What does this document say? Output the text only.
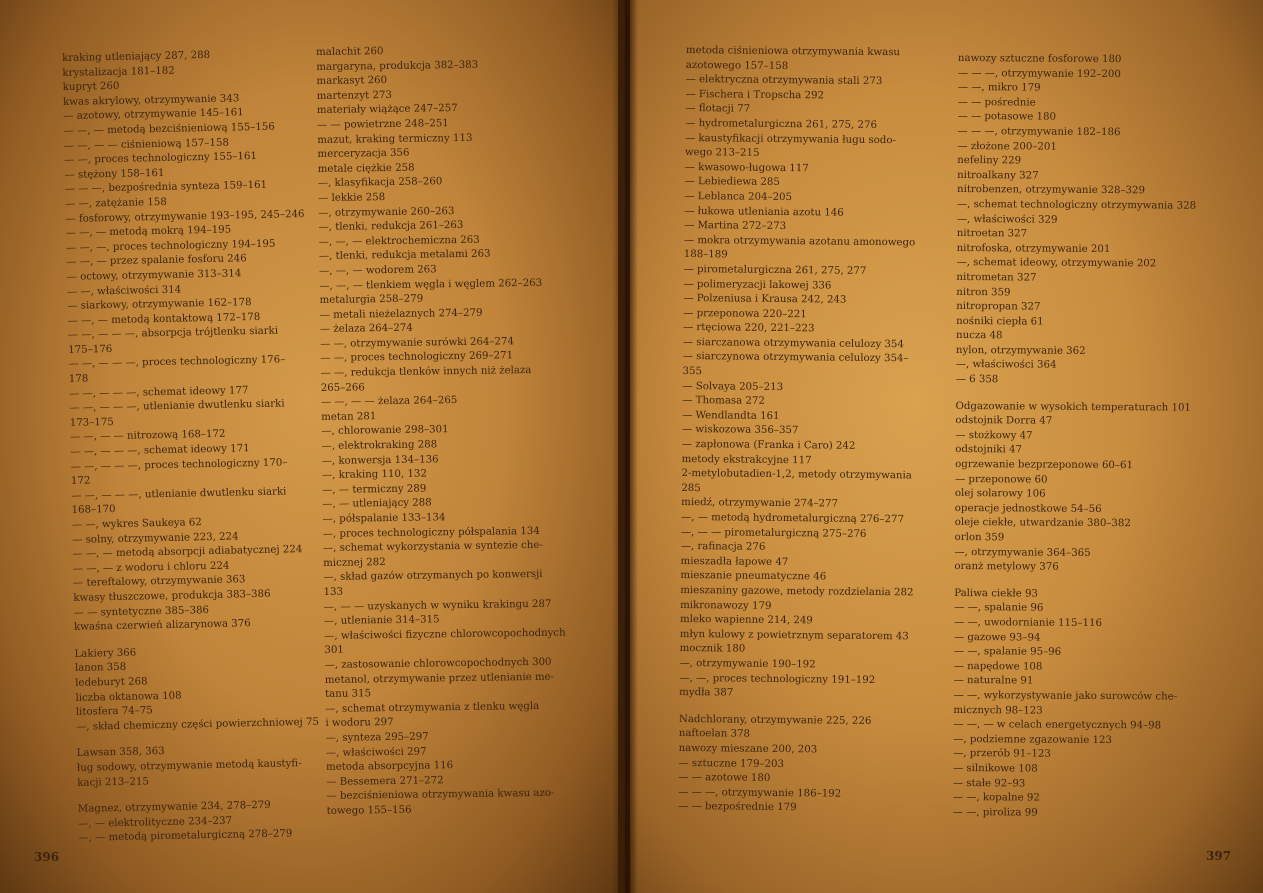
kraking utleniający 287, 288
krystalizacja 181–182
kupryt 260
kwas akrylowy, otrzymywanie 343
— azotowy, otrzymywanie 145–161
— —, — metodą bezciśnieniową 155–156
— —, — — ciśnieniową 157–158
— —, proces technologiczny 155–161
— stężony 158–161
— — —, bezpośrednia synteza 159–161
— —, zatężanie 158
— fosforowy, otrzymywanie 193–195, 245–246
— —, — metodą mokrą 194–195
— —, —, proces technologiczny 194–195
— —, — przez spalanie fosforu 246
— octowy, otrzymywanie 313–314
— —, właściwości 314
— siarkowy, otrzymywanie 162–178
— —, — metodą kontaktową 172–178
— —, — — —, absorpcja trójtlenku siarki
175–176
— —, — — —, proces technologiczny 176–
178
— —, — — —, schemat ideowy 177
— —, — — —, utlenianie dwutlenku siarki
173–175
— —, — — nitrozową 168–172
— —, — — —, schemat ideowy 171
— —, — — —, proces technologiczny 170–
172
— —, — — —, utlenianie dwutlenku siarki
168–170
— —, wykres Saukeya 62
— solny, otrzymywanie 223, 224
— —, — metodą absorpcji adiabatycznej 224
— —, — z wodoru i chloru 224
— tereftalowy, otrzymywanie 363
kwasy tłuszczowe, produkcja 383–386
— — syntetyczne 385–386
kwaśna czerwień alizarynowa 376
Lakiery 366
lanon 358
ledeburyt 268
liczba oktanowa 108
litosfera 74–75
—, skład chemiczny części powierzchniowej 75
Lawsan 358, 363
ług sodowy, otrzymywanie metodą kaustyfi-
kacji 213–215
Magnez, otrzymywanie 234, 278–279
—, — elektrolityczne 234–237
—, — metodą pirometalurgiczną 278–279
malachit 260
margaryna, produkcja 382–383
markasyt 260
martenzyt 273
materiały wiążące 247–257
— — powietrzne 248–251
mazut, kraking termiczny 113
merceryzacja 356
metale ciężkie 258
—, klasyfikacja 258–260
— lekkie 258
—, otrzymywanie 260–263
—, tlenki, redukcja 261–263
—, —, — elektrochemiczna 263
—, tlenki, redukcja metalami 263
—, —, — wodorem 263
—, —, — tlenkiem węgla i węglem 262–263
metalurgia 258–279
— metali nieżelaznych 274–279
— żelaza 264–274
— —, otrzymywanie surówki 264–274
— —, proces technologiczny 269–271
— —, redukcja tlenków innych niż żelaza
265–266
— —, — — żelaza 264–265
metan 281
—, chlorowanie 298–301
—, elektrokraking 288
—, konwersja 134–136
—, kraking 110, 132
—, — termiczny 289
—, — utleniający 288
—, półspalanie 133–134
—, proces technologiczny półspalania 134
—, schemat wykorzystania w syntezie che-
micznej 282
—, skład gazów otrzymanych po konwersji
133
—, — — uzyskanych w wyniku krakingu 287
—, utlenianie 314–315
—, właściwości fizyczne chlorowcopochodnych
301
—, zastosowanie chlorowcopochodnych 300
metanol, otrzymywanie przez utlenianie me-
tanu 315
—, schemat otrzymywania z tlenku węgla
i wodoru 297
—, synteza 295–297
—, właściwości 297
metoda absorpcyjna 116
— Bessemera 271–272
— bezciśnieniowa otrzymywania kwasu azo-
towego 155–156
396
metoda ciśnieniowa otrzymywania kwasu
azotowego 157–158
— elektryczna otrzymywania stali 273
— Fischera i Tropscha 292
— flotacji 77
— hydrometalurgiczna 261, 275, 276
— kaustyfikacji otrzymywania ługu sodo-
wego 213–215
— kwasowo-ługowa 117
— Lebiediewa 285
— Leblanca 204–205
— łukowa utleniania azotu 146
— Martina 272–273
— mokra otrzymywania azotanu amonowego
188–189
— pirometalurgiczna 261, 275, 277
— polimeryzacji lakowej 336
— Polzeniusa i Krausa 242, 243
— przeponowa 220–221
— rtęciowa 220, 221–223
— siarczanowa otrzymywania celulozy 354
— siarczynowa otrzymywania celulozy 354–
355
— Solvaya 205–213
— Thomasa 272
— Wendlandta 161
— wiskozowa 356–357
— zapłonowa (Franka i Caro) 242
metody ekstrakcyjne 117
2-metylobutadien-1,2, metody otrzymywania
285
miedź, otrzymywanie 274–277
—, — metodą hydrometalurgiczną 276–277
—, — — pirometalurgiczną 275–276
—, rafinacja 276
mieszadła łapowe 47
mieszanie pneumatyczne 46
mieszaniny gazowe, metody rozdzielania 282
mikronawozy 179
mleko wapienne 214, 249
młyn kulowy z powietrznym separatorem 43
mocznik 180
—, otrzymywanie 190–192
—, —, proces technologiczny 191–192
mydła 387
Nadchlorany, otrzymywanie 225, 226
naftoelan 378
nawozy mieszane 200, 203
— sztuczne 179–203
— — azotowe 180
— — —, otrzymywanie 186–192
— — bezpośrednie 179
nawozy sztuczne fosforowe 180
— — —, otrzymywanie 192–200
— —, mikro 179
— — pośrednie
— — potasowe 180
— — —, otrzymywanie 182–186
— złożone 200–201
nefeliny 229
nitroalkany 327
nitrobenzen, otrzymywanie 328–329
—, schemat technologiczny otrzymywania 328
—, właściwości 329
nitroetan 327
nitrofoska, otrzymywanie 201
—, schemat ideowy, otrzymywanie 202
nitrometan 327
nitron 359
nitropropan 327
nośniki ciepła 61
nucza 48
nylon, otrzymywanie 362
—, właściwości 364
— 6 358
Odgazowanie w wysokich temperaturach 101
odstojnik Dorra 47
— stożkowy 47
odstojniki 47
ogrzewanie bezprzeponowe 60–61
— przeponowe 60
olej solarowy 106
operacje jednostkowe 54–56
oleje ciekłe, utwardzanie 380–382
orlon 359
—, otrzymywanie 364–365
oranż metylowy 376
Paliwa ciekłe 93
— —, spalanie 96
— —, uwodornianie 115–116
— gazowe 93–94
— —, spalanie 95–96
— napędowe 108
— naturalne 91
— —, wykorzystywanie jako surowców che-
micznych 98–123
— —, — w celach energetycznych 94–98
—, podziemne zgazowanie 123
—, przerób 91–123
— silnikowe 108
— stałe 92–93
— —, kopalne 92
— —, piroliza 99
397
